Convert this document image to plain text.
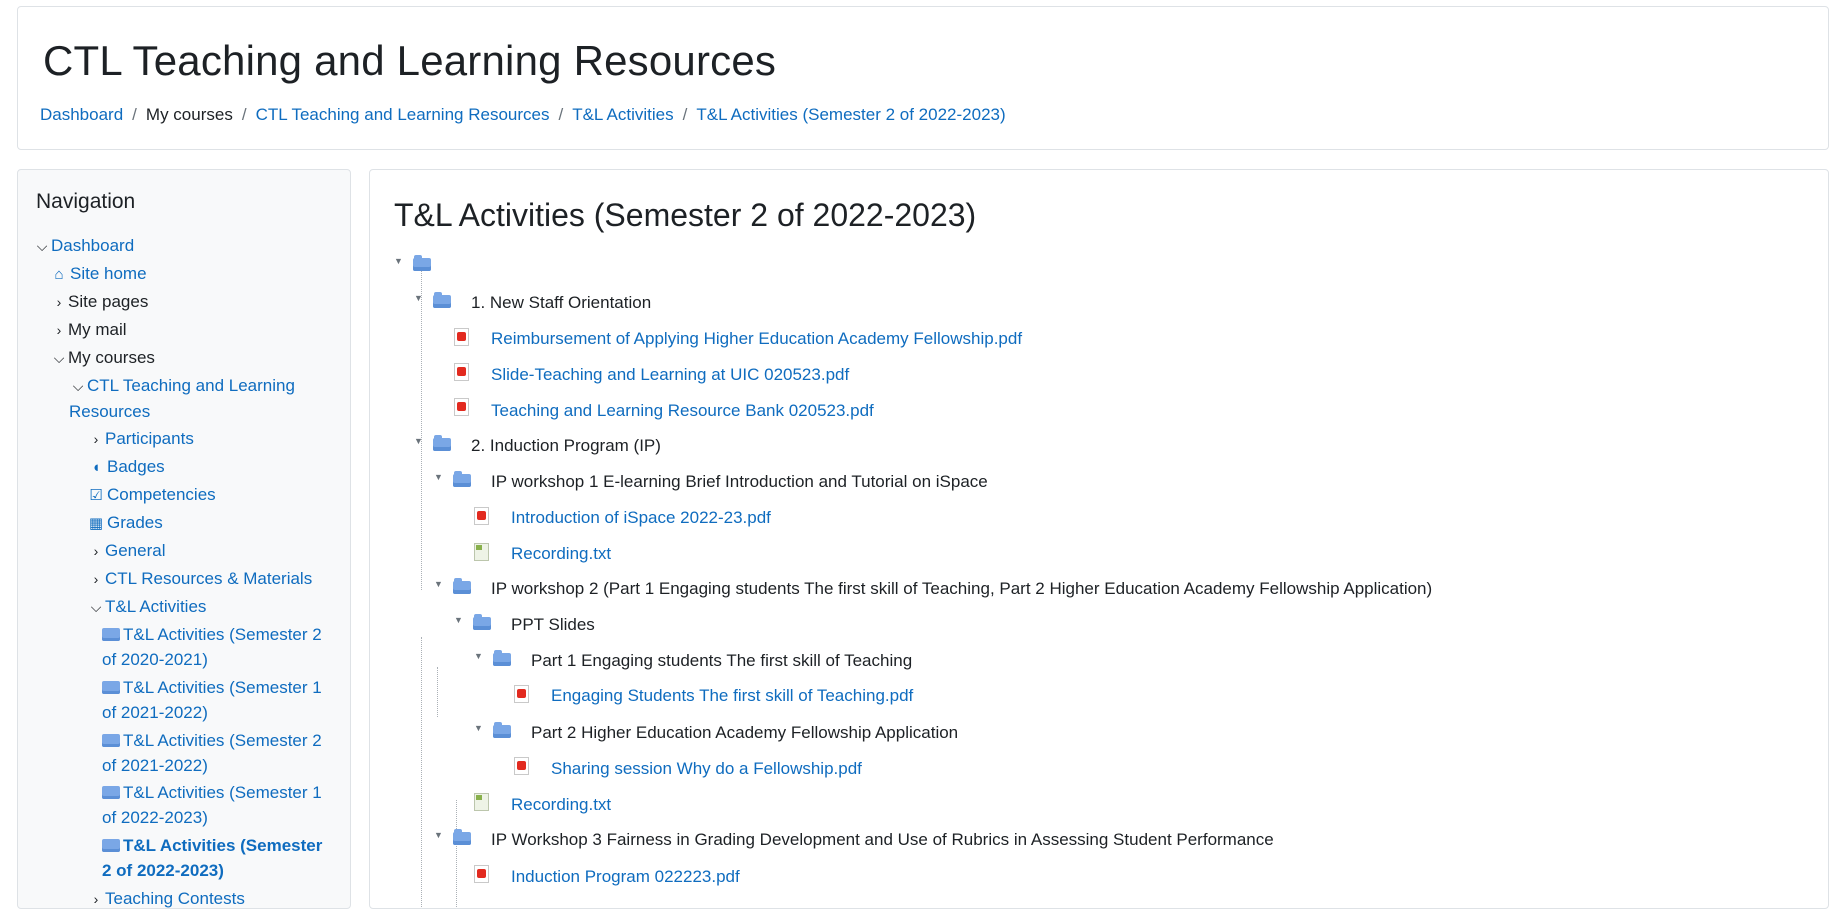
CTL Teaching and Learning Resources
Dashboard / My courses / CTL Teaching and Learning Resources / T&L Activities / T&L Activities (Semester 2 of 2022-2023)
Navigation
⌵ Dashboard
⌂ Site home
› Site pages
› My mail
⌵ My courses
⌵ CTL Teaching and Learning Resources
› Participants
◖ Badges
☑ Competencies
▦ Grades
› General
› CTL Resources & Materials
⌵ T&L Activities
T&L Activities (Semester 2 of 2020-2021)
T&L Activities (Semester 1 of 2021-2022)
T&L Activities (Semester 2 of 2021-2022)
T&L Activities (Semester 1 of 2022-2023)
T&L Activities (Semester 2 of 2022-2023)
› Teaching Contests
T&L Activities (Semester 2 of 2022-2023)
▼
▼	1. New Staff Orientation
Reimbursement of Applying Higher Education Academy Fellowship.pdf
Slide-Teaching and Learning at UIC 020523.pdf
Teaching and Learning Resource Bank 020523.pdf
▼	2. Induction Program (IP)
▼	IP workshop 1 E-learning Brief Introduction and Tutorial on iSpace
Introduction of iSpace 2022-23.pdf
Recording.txt
▼	IP workshop 2 (Part 1 Engaging students The first skill of Teaching, Part 2 Higher Education Academy Fellowship Application)
▼	PPT Slides
▼	Part 1 Engaging students The first skill of Teaching
Engaging Students The first skill of Teaching.pdf
▼	Part 2 Higher Education Academy Fellowship Application
Sharing session Why do a Fellowship.pdf
Recording.txt
▼	IP Workshop 3 Fairness in Grading Development and Use of Rubrics in Assessing Student Performance
Induction Program 022223.pdf
